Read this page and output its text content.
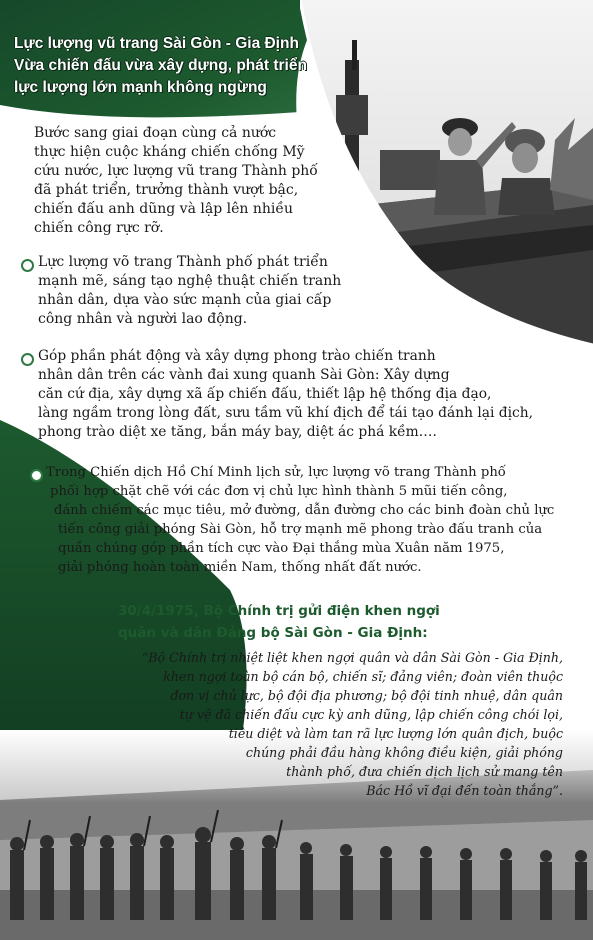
Lực lượng vũ trang Sài Gòn - Gia Định
Vừa chiến đấu vừa xây dựng, phát triển
lực lượng lớn mạnh không ngừng
Bước sang giai đoạn cùng cả nước
thực hiện cuộc kháng chiến chống Mỹ
cứu nước, lực lượng vũ trang Thành phố
đã phát triển, trưởng thành vượt bậc,
chiến đấu anh dũng và lập lên nhiều
chiến công rực rỡ.
Lực lượng võ trang Thành phố phát triển
mạnh mẽ, sáng tạo nghệ thuật chiến tranh
nhân dân, dựa vào sức mạnh của giai cấp
công nhân và người lao động.
Góp phần phát động và xây dựng phong trào chiến tranh
nhân dân trên các vành đai xung quanh Sài Gòn: Xây dựng
căn cứ địa, xây dựng xã ấp chiến đấu, thiết lập hệ thống địa đạo,
làng ngầm trong lòng đất, sưu tầm vũ khí địch để tái tạo đánh lại địch,
phong trào diệt xe tăng, bắn máy bay, diệt ác phá kềm….
Trong Chiến dịch Hồ Chí Minh lịch sử, lực lượng võ trang Thành phố
phối hợp chặt chẽ với các đơn vị chủ lực hình thành 5 mũi tiến công,
đánh chiếm các mục tiêu, mở đường, dẫn đường cho các binh đoàn chủ lực
tiến công giải phóng Sài Gòn, hỗ trợ mạnh mẽ phong trào đấu tranh của
quần chúng góp phần tích cực vào Đại thắng mùa Xuân năm 1975,
giải phóng hoàn toàn miền Nam, thống nhất đất nước.
30/4/1975, Bộ Chính trị gửi điện khen ngợi
quân và dân Đảng bộ Sài Gòn - Gia Định:
“Bộ Chính trị nhiệt liệt khen ngợi quân và dân Sài Gòn - Gia Định,
khen ngợi toàn bộ cán bộ, chiến sĩ; đảng viên; đoàn viên thuộc
đơn vị chủ lực, bộ đội địa phương; bộ đội tinh nhuệ, dân quân
tự vệ đã chiến đấu cực kỳ anh dũng, lập chiến công chói lọi,
tiêu diệt và làm tan rã lực lượng lớn quân địch, buộc
chúng phải đầu hàng không điều kiện, giải phóng
thành phố, đưa chiến dịch lịch sử mang tên
Bác Hồ vĩ đại đến toàn thắng”.
